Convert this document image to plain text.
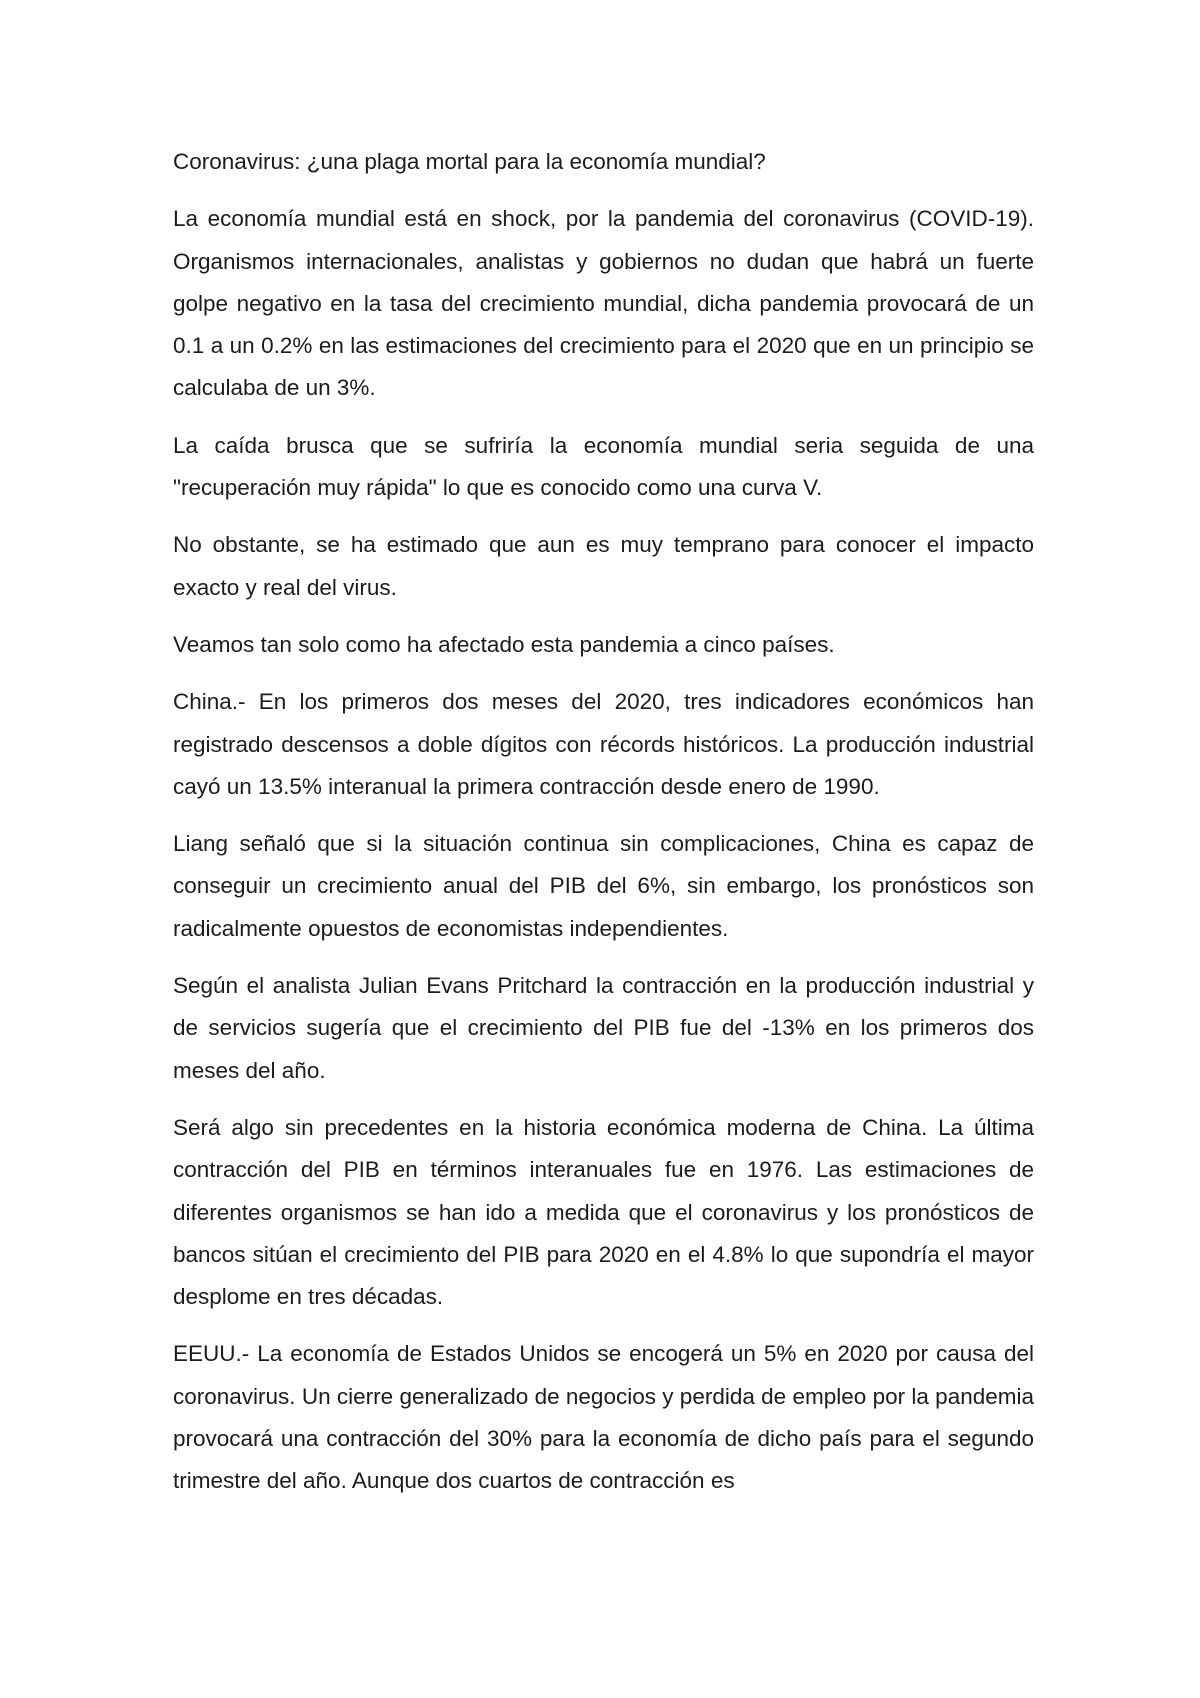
Coronavirus: ¿una plaga mortal para la economía mundial?

La economía mundial está en shock, por la pandemia del coronavirus (COVID-19). Organismos internacionales, analistas y gobiernos no dudan que habrá un fuerte golpe negativo en la tasa del crecimiento mundial, dicha pandemia provocará de un 0.1 a un 0.2% en las estimaciones del crecimiento para el 2020 que en un principio se calculaba de un 3%.

La caída brusca que se sufriría la economía mundial seria seguida de una "recuperación muy rápida" lo que es conocido como una curva V.

No obstante, se ha estimado que aun es muy temprano para conocer el impacto exacto y real del virus.

Veamos tan solo como ha afectado esta pandemia a cinco países.

China.- En los primeros dos meses del 2020, tres indicadores económicos han registrado descensos a doble dígitos con récords históricos. La producción industrial cayó un 13.5% interanual la primera contracción desde enero de 1990.

Liang señaló que si la situación continua sin complicaciones, China es capaz de conseguir un crecimiento anual del PIB del 6%, sin embargo, los pronósticos son radicalmente opuestos de economistas independientes.

Según el analista Julian Evans Pritchard la contracción en la producción industrial y de servicios sugería que el crecimiento del PIB fue del -13% en los primeros dos meses del año.

Será algo sin precedentes en la historia económica moderna de China. La última contracción del PIB en términos interanuales fue en 1976. Las estimaciones de diferentes organismos se han ido a medida que el coronavirus y los pronósticos de bancos sitúan el crecimiento del PIB para 2020 en el 4.8% lo que supondría el mayor desplome en tres décadas.

EEUU.- La economía de Estados Unidos se encogerá un 5% en 2020 por causa del coronavirus. Un cierre generalizado de negocios y perdida de empleo por la pandemia provocará una contracción del 30% para la economía de dicho país para el segundo trimestre del año. Aunque dos cuartos de contracción es
